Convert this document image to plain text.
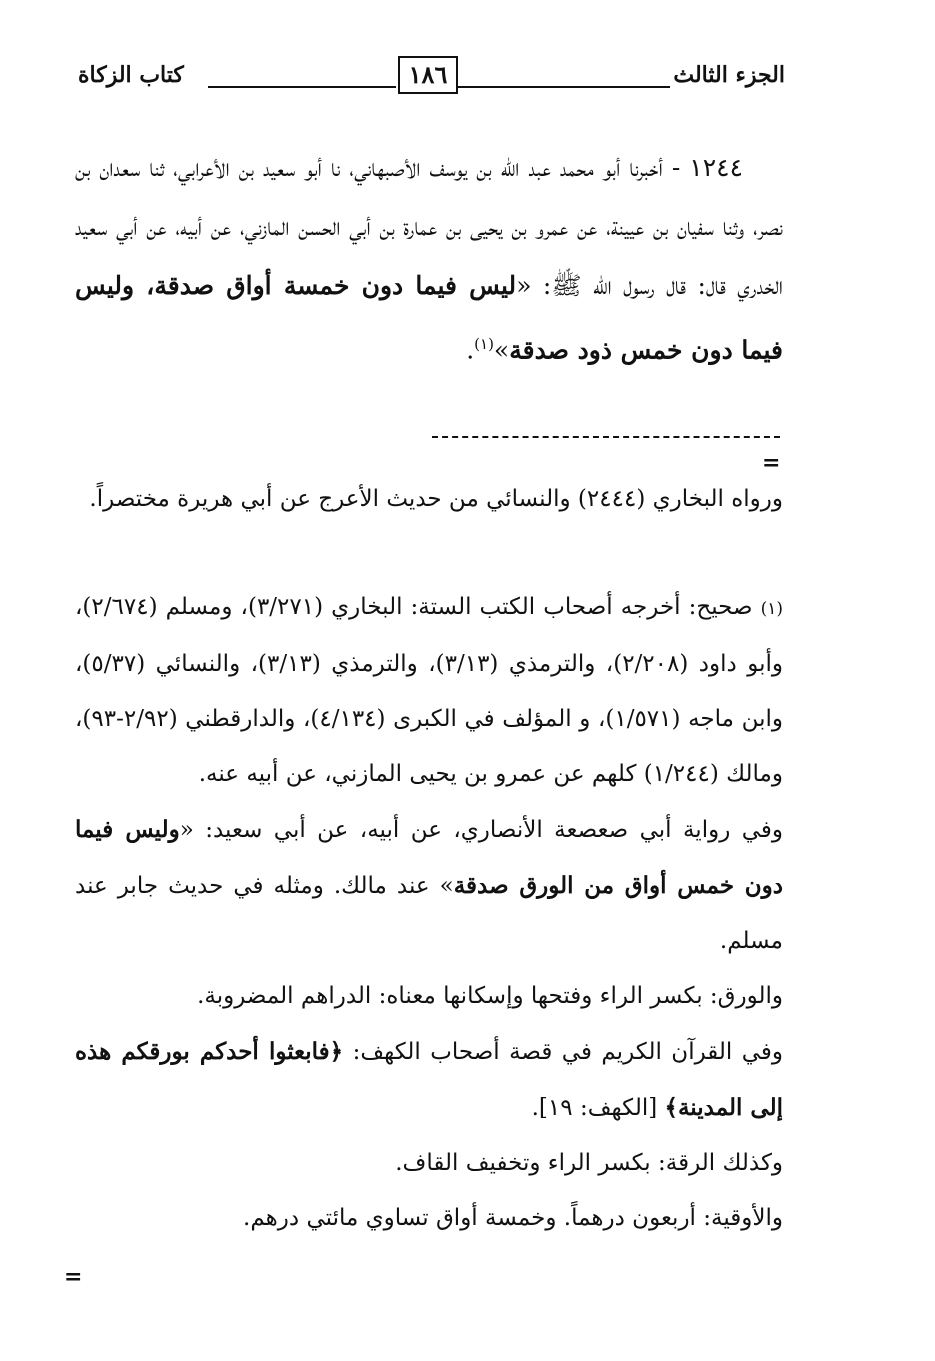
الجزء الثالث
١٨٦
كتاب الزكاة

١٢٤٤ - أخبرنا أبو محمد عبد الله بن يوسف الأصبهاني، نا أبو سعيد بن الأعرابي، ثنا سعدان بن نصر، وثنا سفيان بن عيينة، عن عمرو بن يحيى بن عمارة بن أبي الحسن المازني، عن أبيه، عن أبي سعيد الخدري قال: قال رسول الله ﷺ: «ليس فيما دون خمسة أواق صدقة، وليس فيما دون خمس ذود صدقة»$^{(١)}$.

=
ورواه البخاري (٢٤٤٤) والنسائي من حديث الأعرج عن أبي هريرة مختصراً.

(١) صحيح: أخرجه أصحاب الكتب الستة: البخاري (٣/٢٧١)، ومسلم (٢/٦٧٤)، وأبو داود (٢/٢٠٨)، والترمذي (٣/١٣)، والترمذي (٣/١٣)، والنسائي (٥/٣٧)، وابن ماجه (١/٥٧١)، و المؤلف في الكبرى (٤/١٣٤)، والدارقطني (٢/٩٢-٩٣)، ومالك (١/٢٤٤) كلهم عن عمرو بن يحيى المازني، عن أبيه عنه.

وفي رواية أبي صعصعة الأنصاري، عن أبيه، عن أبي سعيد: «وليس فيما دون خمس أواق من الورق صدقة» عند مالك. ومثله في حديث جابر عند مسلم.

والورق: بكسر الراء وفتحها وإسكانها معناه: الدراهم المضروبة.

وفي القرآن الكريم في قصة أصحاب الكهف: ﴿فابعثوا أحدكم بورقكم هذه إلى المدينة﴾ [الكهف: ١٩].

وكذلك الرقة: بكسر الراء وتخفيف القاف.

والأوقية: أربعون درهماً. وخمسة أواق تساوي مائتي درهم.

=
